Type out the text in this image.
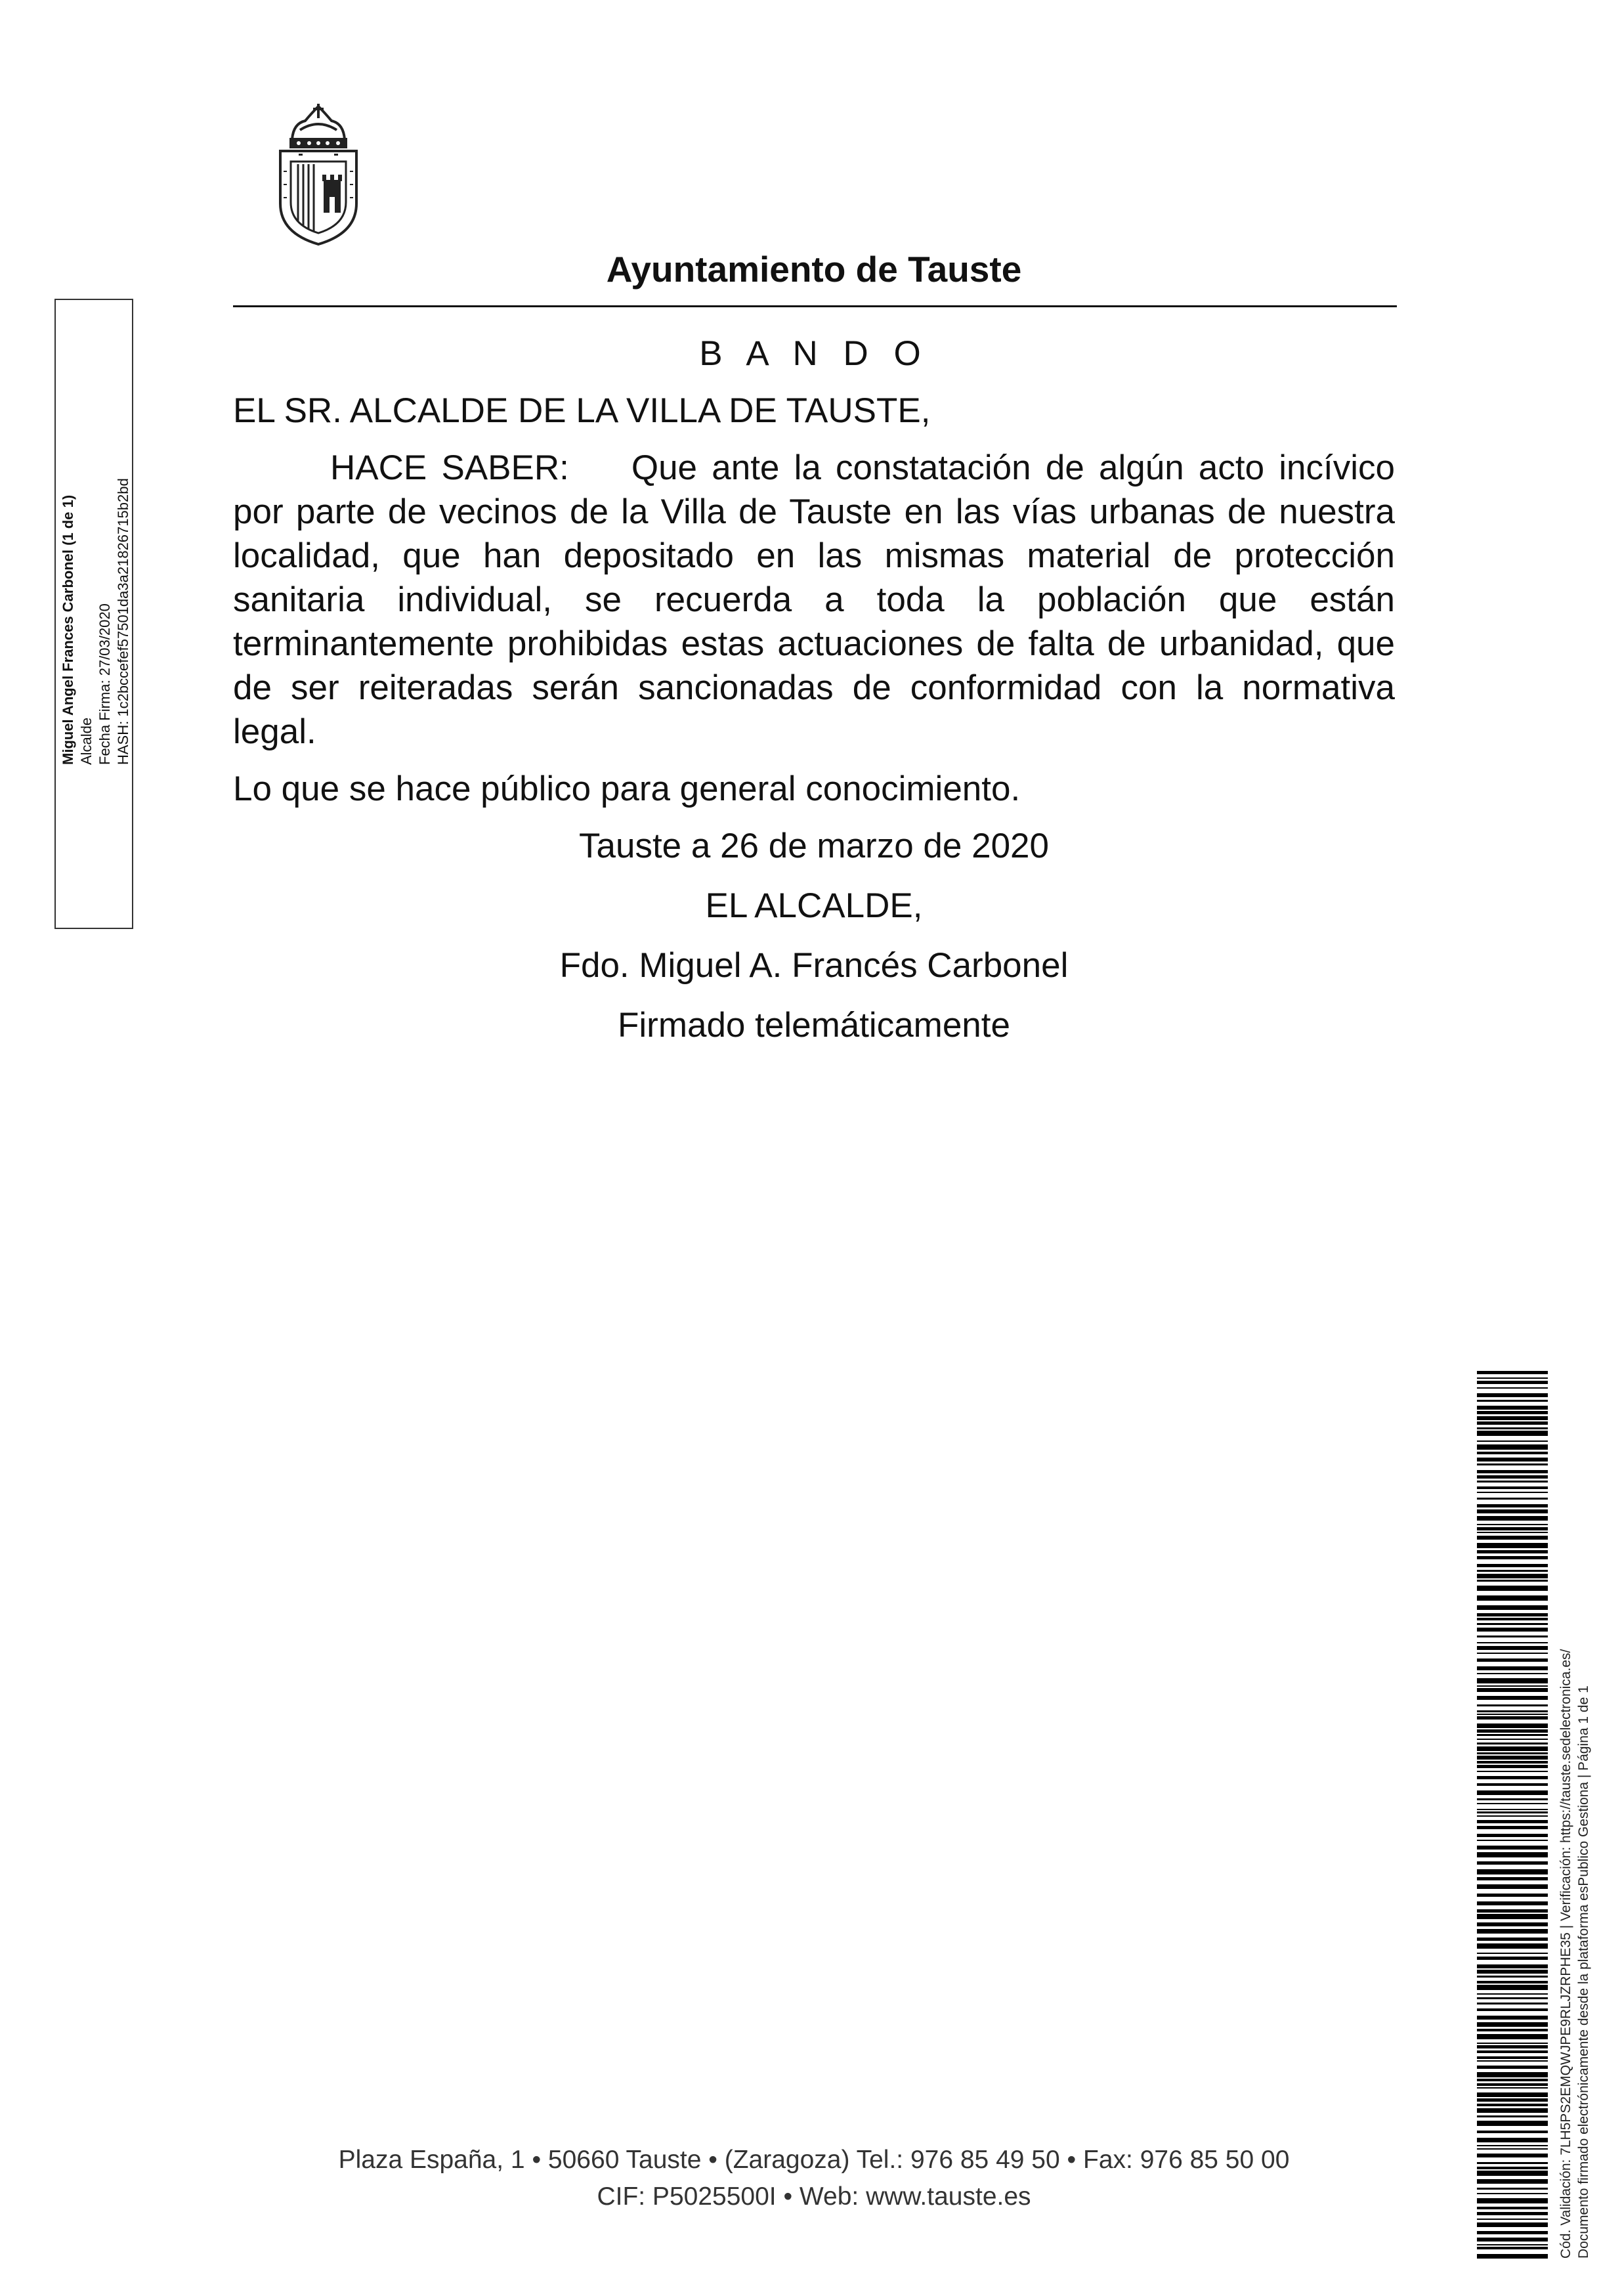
Ayuntamiento de Tauste

B A N D O

EL SR. ALCALDE DE LA VILLA DE TAUSTE,

HACE SABER: Que ante la constatación de algún acto incívico por parte de vecinos de la Villa de Tauste en las vías urbanas de nuestra localidad, que han depositado en las mismas material de protección sanitaria individual, se recuerda a toda la población que están terminantemente prohibidas estas actuaciones de falta de urbanidad, que de ser reiteradas serán sancionadas de conformidad con la normativa legal.

Lo que se hace público para general conocimiento.

Tauste a 26 de marzo de 2020

EL ALCALDE,

Fdo. Miguel A. Francés Carbonel

Firmado telemáticamente

Miguel Angel Frances Carbonel (1 de 1) Alcalde Fecha Firma: 27/03/2020 HASH: 1c2bccefef57501da3a21826715b2bd
Cód. Validación: 7LH5PS2EMQWJPE9RLJZRPHE35 | Verificación: https://tauste.sedelectronica.es/ Documento firmado electrónicamente desde la plataforma esPublico Gestiona | Página 1 de 1
Plaza España, 1 • 50660 Tauste • (Zaragoza) Tel.: 976 85 49 50 • Fax: 976 85 50 00
CIF: P5025500I • Web: www.tauste.es
